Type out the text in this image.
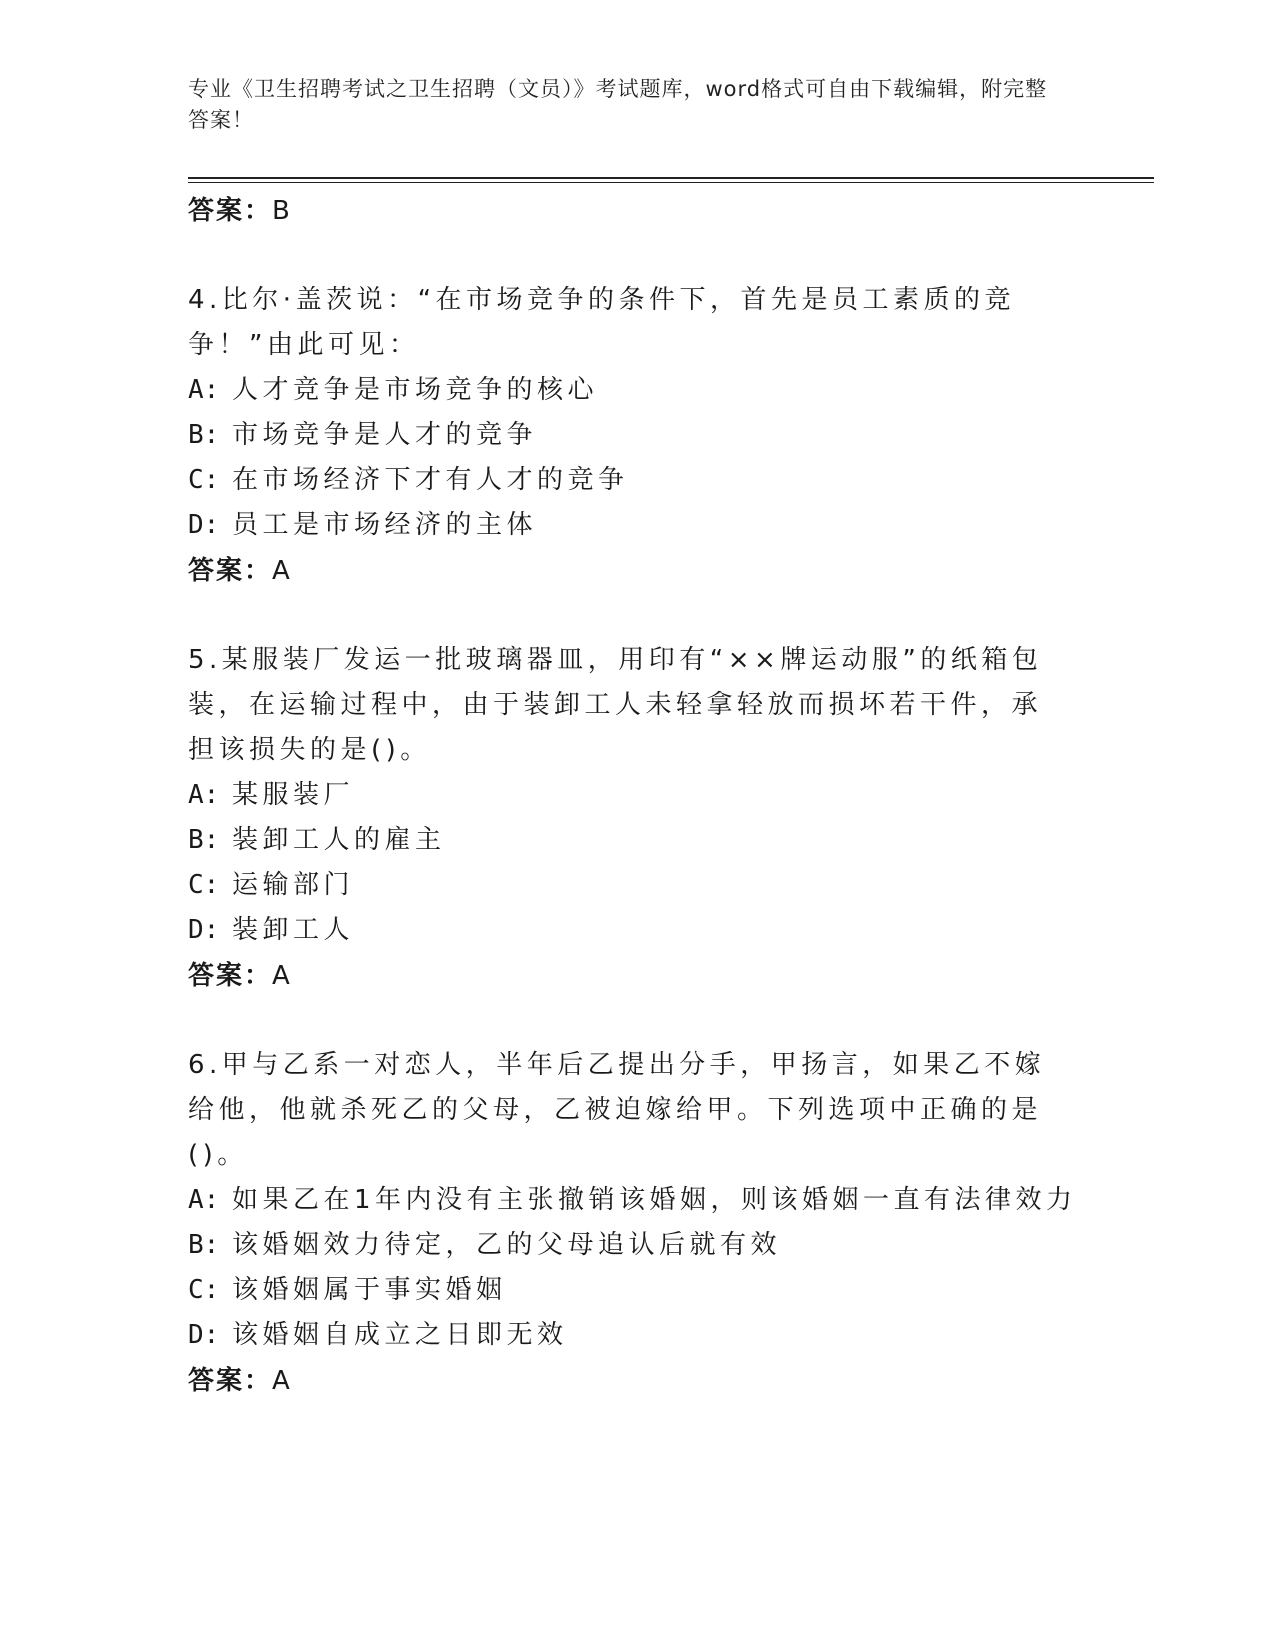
专业《卫生招聘考试之卫生招聘（文员）》考试题库，word格式可自由下载编辑，附完整答案！
答案：B
4.比尔·盖茨说：“在市场竞争的条件下，首先是员工素质的竞争！”由此可见：
A: 人才竞争是市场竞争的核心
B: 市场竞争是人才的竞争
C: 在市场经济下才有人才的竞争
D: 员工是市场经济的主体
答案：A
5.某服装厂发运一批玻璃器皿，用印有“××牌运动服”的纸箱包装，在运输过程中，由于装卸工人未轻拿轻放而损坏若干件，承担该损失的是()。
A: 某服装厂
B: 装卸工人的雇主
C: 运输部门
D: 装卸工人
答案：A
6.甲与乙系一对恋人，半年后乙提出分手，甲扬言，如果乙不嫁给他，他就杀死乙的父母，乙被迫嫁给甲。下列选项中正确的是()。
A: 如果乙在1年内没有主张撤销该婚姻，则该婚姻一直有法律效力
B: 该婚姻效力待定，乙的父母追认后就有效
C: 该婚姻属于事实婚姻
D: 该婚姻自成立之日即无效
答案：A
